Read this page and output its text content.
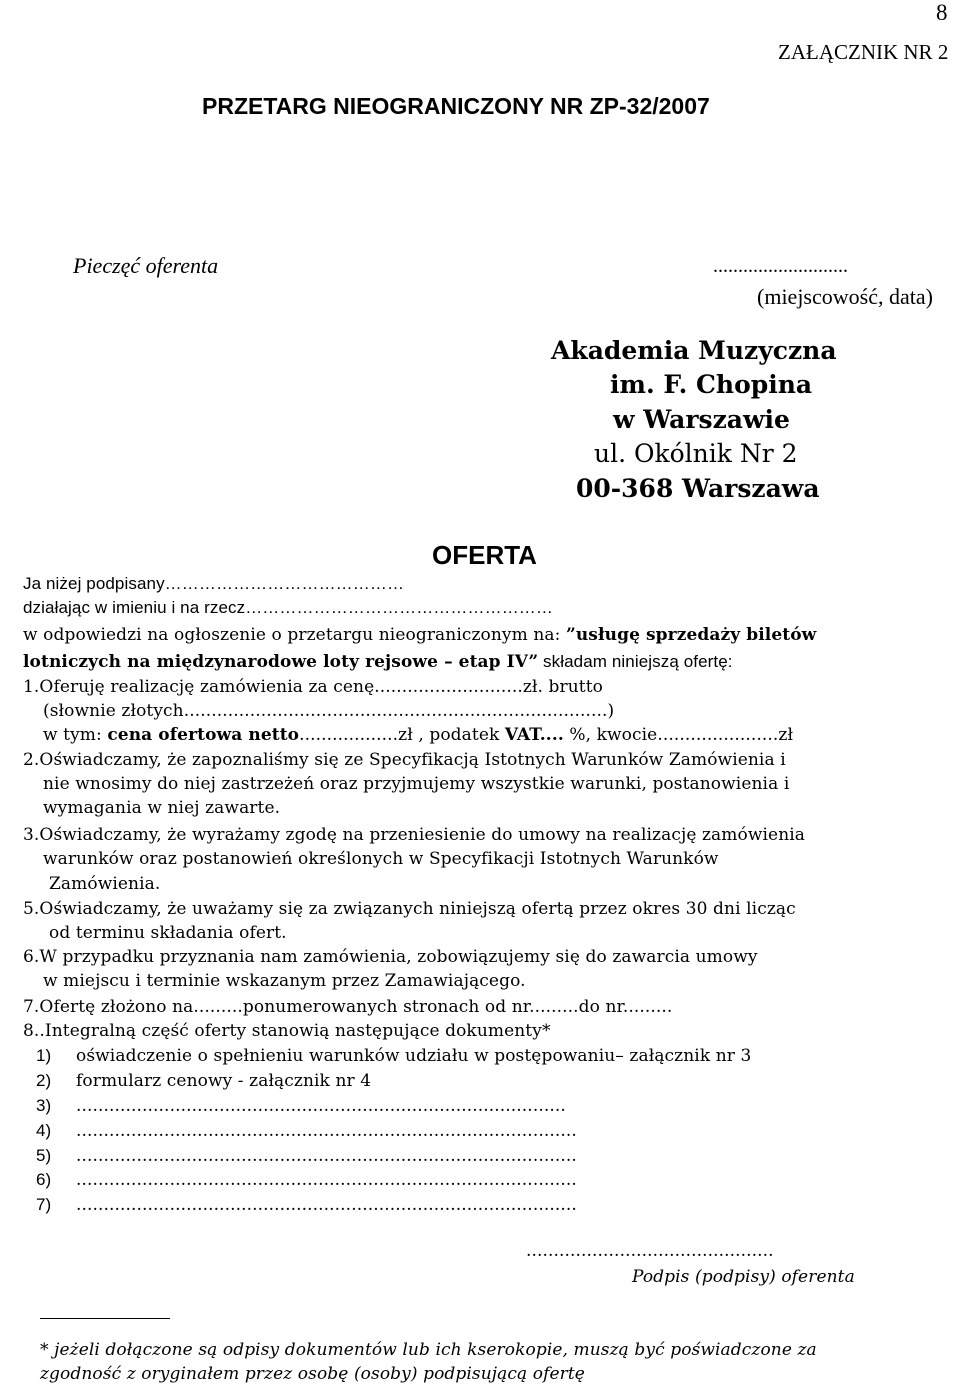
8
ZAŁĄCZNIK NR 2
PRZETARG NIEOGRANICZONY NR ZP-32/2007
Pieczęć oferenta	...........................
(miejscowość, data)
Akademia Muzyczna
im. F. Chopina
w Warszawie
ul. Okólnik Nr 2
00-368 Warszawa
OFERTA
Ja niżej podpisany……………………………………
działając w imieniu i na rzecz………………………………………………
w odpowiedzi na ogłoszenie o przetargu nieograniczonym na: ”usługę sprzedaży biletów
lotniczych na międzynarodowe loty rejsowe – etap IV” składam niniejszą ofertę:
1.Oferuję realizację zamówienia za cenę...........................zł. brutto
(słownie złotych.............................................................................)
w tym: cena ofertowa netto..................zł , podatek VAT.... %, kwocie......................zł
2.Oświadczamy, że zapoznaliśmy się ze Specyfikacją Istotnych Warunków Zamówienia i
nie wnosimy do niej zastrzeżeń oraz przyjmujemy wszystkie warunki, postanowienia i
wymagania w niej zawarte.
3.Oświadczamy, że wyrażamy zgodę na przeniesienie do umowy na realizację zamówienia
warunków oraz postanowień określonych w Specyfikacji Istotnych Warunków
Zamówienia.
5.Oświadczamy, że uważamy się za związanych niniejszą ofertą przez okres 30 dni licząc
od terminu składania ofert.
6.W przypadku przyznania nam zamówienia, zobowiązujemy się do zawarcia umowy
w miejscu i terminie wskazanym przez Zamawiającego.
7.Ofertę złożono na.........ponumerowanych stronach od nr.........do nr.........
8..Integralną część oferty stanowią następujące dokumenty*
1) oświadczenie o spełnieniu warunków udziału w postępowaniu– załącznik nr 3
2) formularz cenowy - załącznik nr 4
3) .........................................................................................
4) ...........................................................................................
5) ...........................................................................................
6) ...........................................................................................
7) ...........................................................................................
.............................................
Podpis (podpisy) oferenta
* jeżeli dołączone są odpisy dokumentów lub ich kserokopie, muszą być poświadczone za
zgodność z oryginałem przez osobę (osoby) podpisującą ofertę
